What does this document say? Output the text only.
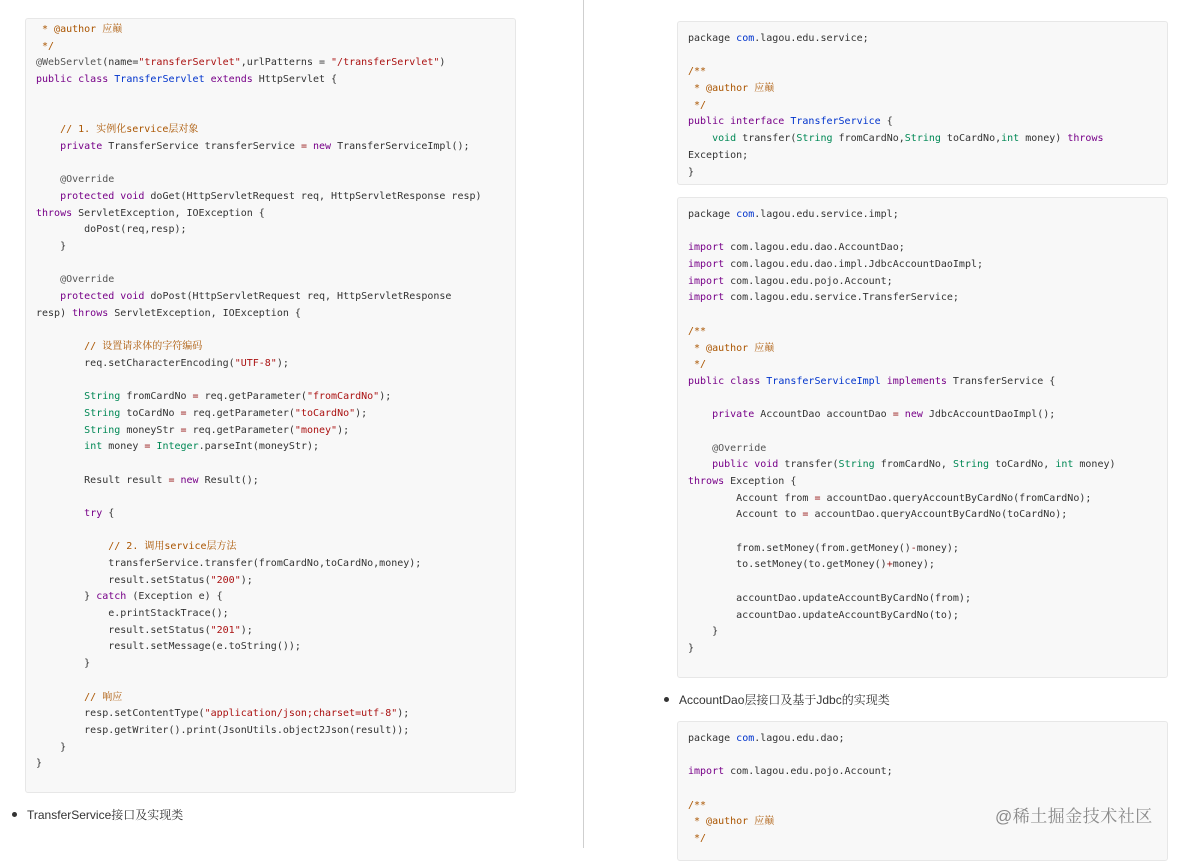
* @author 应巅
*/
@WebServlet(name="transferServlet",urlPatterns = "/transferServlet")
public class TransferServlet extends HttpServlet {
// 1. 实例化service层对象
private TransferService transferService = new TransferServiceImpl();
@Override
protected void doGet(HttpServletRequest req, HttpServletResponse resp)
throws ServletException, IOException {
doPost(req,resp);
}
@Override
protected void doPost(HttpServletRequest req, HttpServletResponse
resp) throws ServletException, IOException {
// 设置请求体的字符编码
req.setCharacterEncoding("UTF-8");
String fromCardNo = req.getParameter("fromCardNo");
String toCardNo = req.getParameter("toCardNo");
String moneyStr = req.getParameter("money");
int money = Integer.parseInt(moneyStr);
Result result = new Result();
try {
// 2. 调用service层方法
transferService.transfer(fromCardNo,toCardNo,money);
result.setStatus("200");
} catch (Exception e) {
e.printStackTrace();
result.setStatus("201");
result.setMessage(e.toString());
}
// 响应
resp.setContentType("application/json;charset=utf-8");
resp.getWriter().print(JsonUtils.object2Json(result));
}
}
TransferService接口及实现类
package com.lagou.edu.service;
/**
* @author 应巅
*/
public interface TransferService {
void transfer(String fromCardNo,String toCardNo,int money) throws
Exception;
}
package com.lagou.edu.service.impl;
import com.lagou.edu.dao.AccountDao;
import com.lagou.edu.dao.impl.JdbcAccountDaoImpl;
import com.lagou.edu.pojo.Account;
import com.lagou.edu.service.TransferService;
/**
* @author 应巅
*/
public class TransferServiceImpl implements TransferService {
private AccountDao accountDao = new JdbcAccountDaoImpl();
@Override
public void transfer(String fromCardNo, String toCardNo, int money)
throws Exception {
Account from = accountDao.queryAccountByCardNo(fromCardNo);
Account to = accountDao.queryAccountByCardNo(toCardNo);
from.setMoney(from.getMoney()-money);
to.setMoney(to.getMoney()+money);
accountDao.updateAccountByCardNo(from);
accountDao.updateAccountByCardNo(to);
}
}
AccountDao层接口及基于Jdbc的实现类
package com.lagou.edu.dao;
import com.lagou.edu.pojo.Account;
/**
* @author 应巅
*/
@稀土掘金技术社区
